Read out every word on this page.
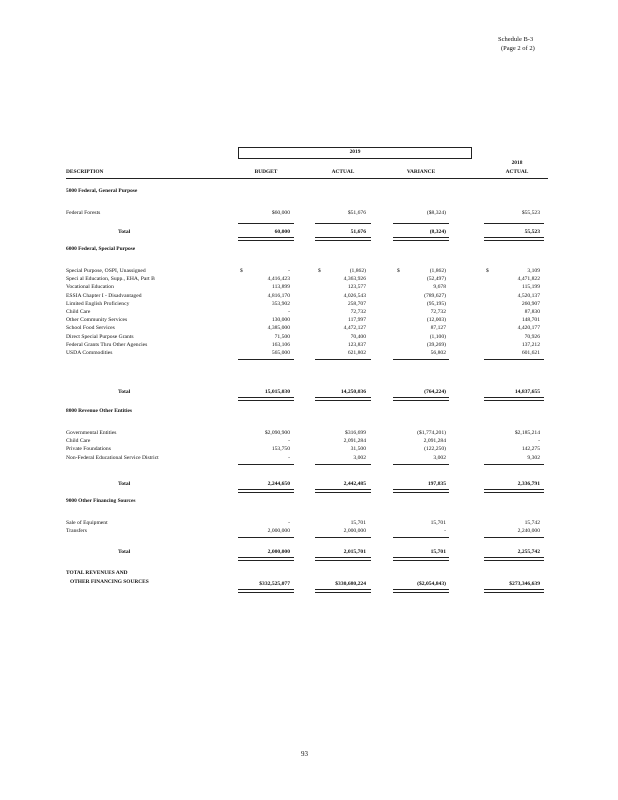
Schedule B-3
(Page 2 of 2)
2019
2018
DESCRIPTION	BUDGET	ACTUAL	VARIANCE	ACTUAL
5000 Federal, General Purpose
Federal Forests	$60,000	$51,676	($8,324)	$55,523
Total	60,000	51,676	(8,324)	55,523
6000 Federal, Special Purpose
Special Purpose, OSPI, Unassigned	-	(1,862)	(1,862)	3,109
$	$	$	$
Speci al Education, Supp., EHA, Part B	4,416,423	4,363,926	(52,497)	4,471,822
Vocational Education	113,899	123,577	9,678	115,199
ESSIA Chapter I - Disadvantaged	4,816,170	4,026,543	(789,627)	4,520,137
Limited English Proficiency	353,902	258,707	(95,195)	260,907
Child Care	-	72,732	72,732	87,830
Other Community Services	130,000	117,997	(12,003)	148,701
School Food Services	4,385,000	4,472,127	87,127	4,420,177
Direct Special Purpose Grants	71,500	70,400	(1,100)	70,926
Federal Grants Thru Other Agencies	163,106	123,837	(39,269)	137,212
USDA Commodities	565,000	621,802	56,802	601,621
Total	15,015,030	14,250,036	(764,224)	14,837,655
8000 Revenue Other Entities
Governmental Entities	$2,090,900	$316,699	($1,774,201)	$2,185,214
Child Care	-	2,091,284	2,091,284	-
Private Foundations	153,750	31,500	(122,250)	142,275
Non-Federal Educational Service District	-	3,002	3,002	9,302
Total	2,244,650	2,442,485	197,835	2,336,791
9000 Other Financing Sources
Sale of Equipment	-	15,701	15,701	15,742
Transfers	2,000,000	2,000,000	-	2,240,000
Total	2,000,000	2,015,701	15,701	2,255,742
TOTAL REVENUES AND
OTHER FINANCING SOURCES	$332,525,077	$330,680,224	($2,054,843)	$273,346,639
93
